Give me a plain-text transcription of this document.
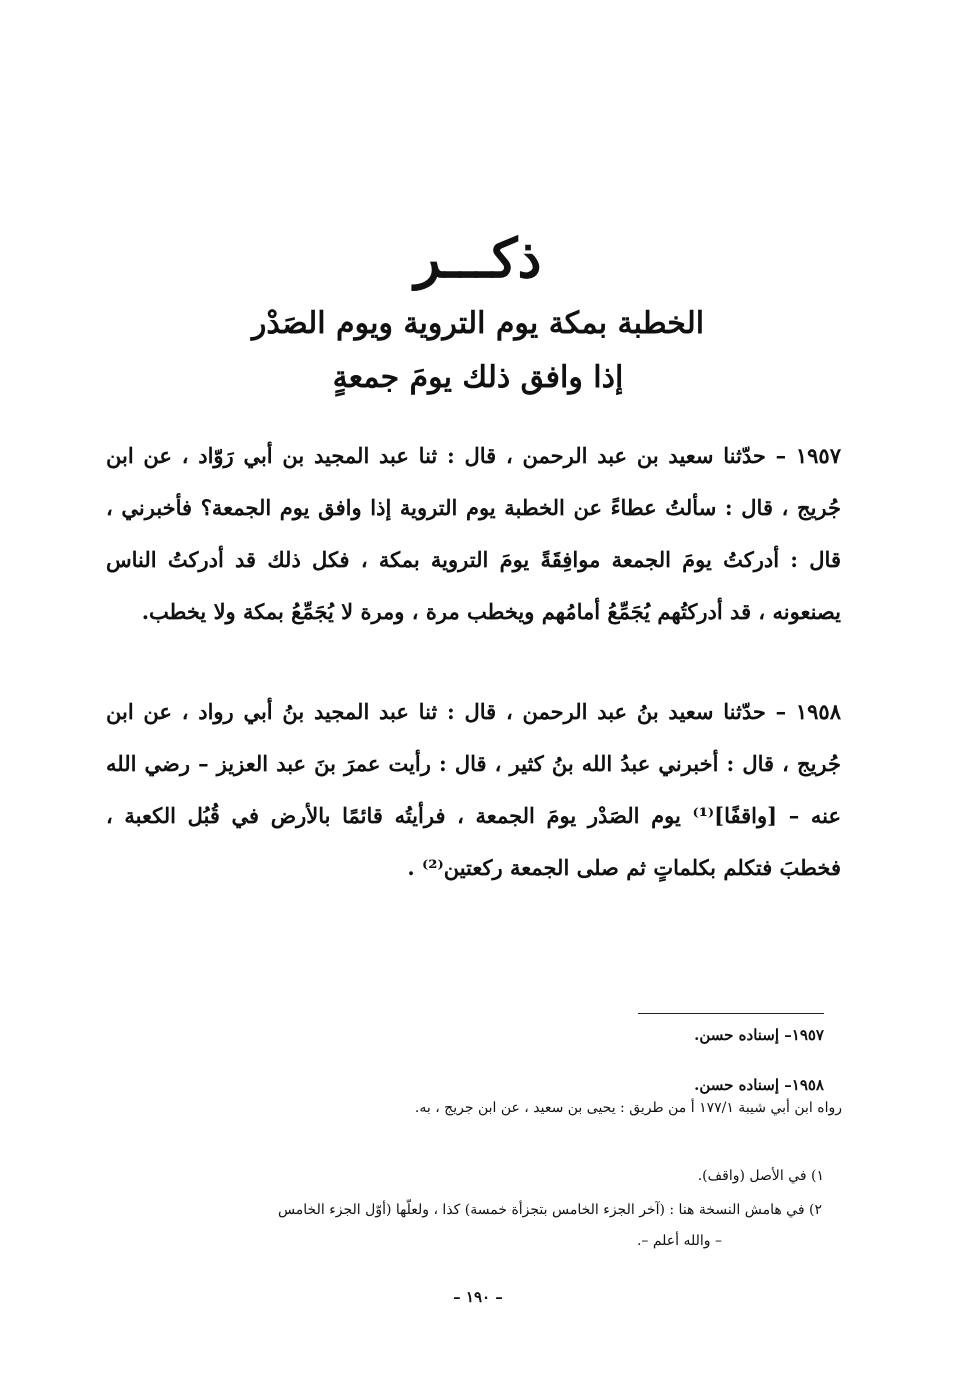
ذكـــر
الخطبة بمكة يوم التروية ويوم الصَدْر
إذا وافق ذلك يومَ جمعةٍ
١٩٥٧ – حدّثنا سعيد بن عبد الرحمن ، قال : ثنا عبد المجيد بن أبي رَوّاد ، عن ابن جُريج ، قال : سألتُ عطاءً عن الخطبة يوم التروية إذا وافق يوم الجمعة؟ فأخبرني ، قال : أدركتُ يومَ الجمعة موافِقَةً يومَ التروية بمكة ، فكل ذلك قد أدركتُ الناس يصنعونه ، قد أدركتُهم يُجَمِّعُ أمامُهم ويخطب مرة ، ومرة لا يُجَمِّعُ بمكة ولا يخطب.
١٩٥٨ – حدّثنا سعيد بنُ عبد الرحمن ، قال : ثنا عبد المجيد بنُ أبي رواد ، عن ابن جُريج ، قال : أخبرني عبدُ الله بنُ كثير ، قال : رأيت عمرَ بنَ عبد العزيز – رضي الله عنه – [واقفًا]⁽¹⁾ يوم الصَدْر يومَ الجمعة ، فرأيتُه قائمًا بالأرض في قُبُل الكعبة ، فخطبَ فتكلم بكلماتٍ ثم صلى الجمعة ركعتين⁽²⁾ .
١٩٥٧– إسناده حسن.
١٩٥٨– إسناده حسن.
رواه ابن أبي شيبة ١٧٧/١ أ من طريق : يحيى بن سعيد ، عن ابن جريج ، به.
١) في الأصل (واقف).
٢) في هامش النسخة هنا : (آخر الجزء الخامس بتجزأة خمسة) كذا ، ولعلّها (أوّل الجزء الخامس
– والله أعلم –.
– ١٩٠ –
